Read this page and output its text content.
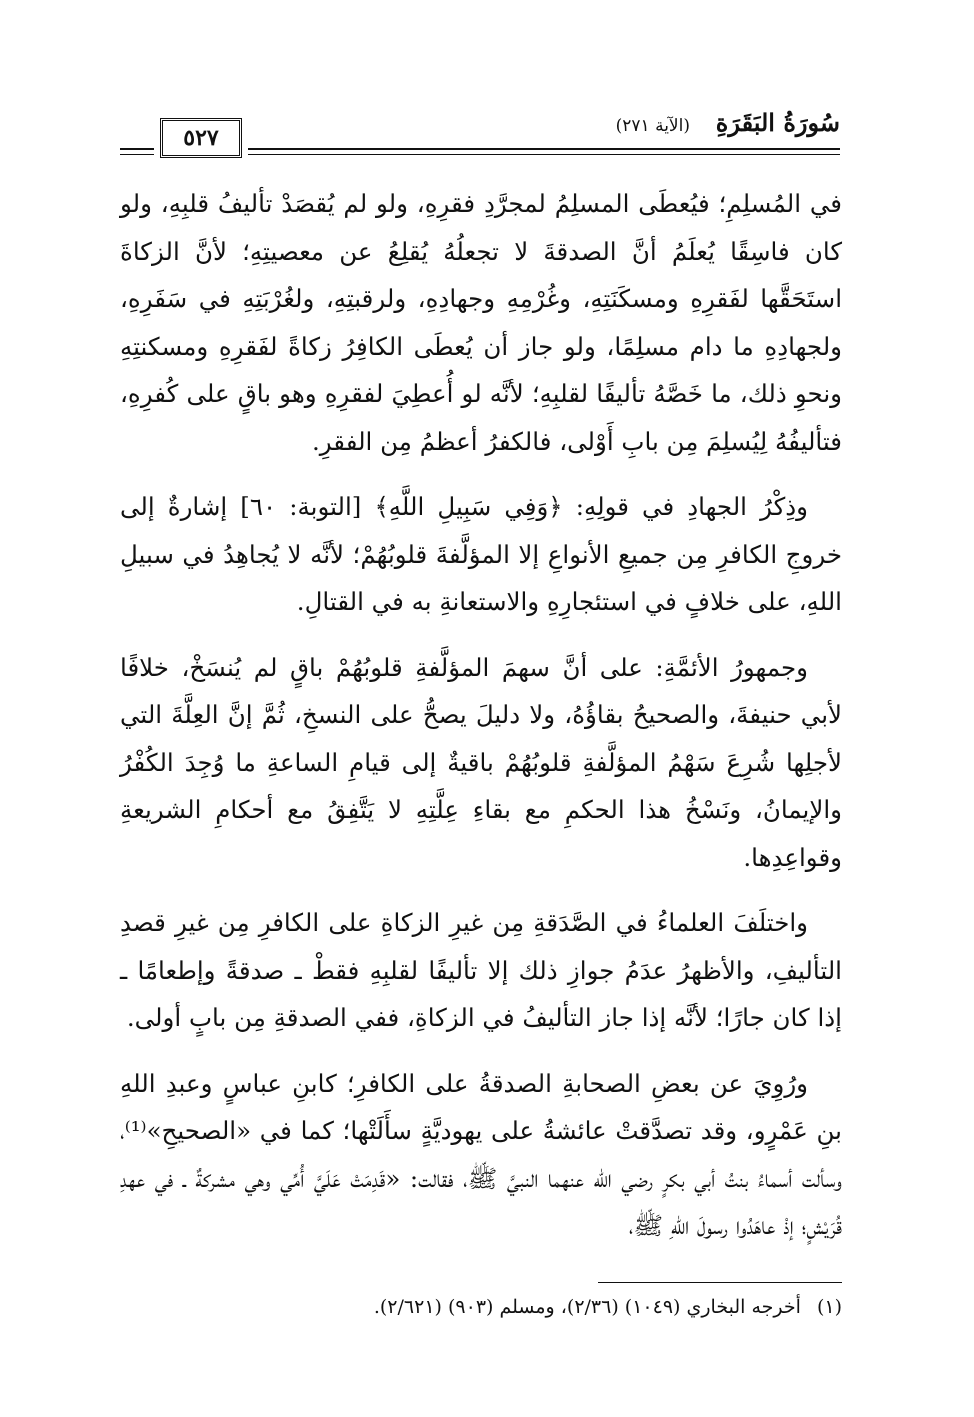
سُورَةُ البَقَرَةِ
(الآية ٢٧١)
٥٢٧

في المُسلِمِ؛ فيُعطَى المسلِمُ لمجرَّدِ فقرِهِ، ولو لم يُقصَدْ تأليفُ قلبِهِ، ولو كان فاسِقًا يُعلَمُ أنَّ الصدقةَ لا تجعلُهُ يُقلِعُ عن معصيتِهِ؛ لأنَّ الزكاةَ استَحَقَّها لفَقرِهِ ومسكَنَتِهِ، وغُرْمِهِ وجهادِهِ، ولرقبتِهِ، ولغُرْبَتِهِ في سَفَرِهِ، ولجهادِهِ ما دام مسلِمًا، ولو جاز أن يُعطَى الكافِرُ زكاةً لفَقرِهِ ومسكنتِهِ ونحوِ ذلك، ما خَصَّهُ تأليفًا لقلبِهِ؛ لأنَّه لو أُعطِيَ لفقرِهِ وهو باقٍ على كُفرِهِ، فتأليفُهُ لِيُسلِمَ مِن بابِ أَوْلى، فالكفرُ أعظمُ مِن الفقرِ.

وذِكْرُ الجهادِ في قولِهِ: ﴿وَفِي سَبِيلِ اللَّهِ﴾ [التوبة: ٦٠] إشارةٌ إلى خروجِ الكافرِ مِن جميعِ الأنواعِ إلا المؤلَّفةَ قلوبُهُمْ؛ لأنَّه لا يُجاهِدُ في سبيلِ اللهِ، على خلافٍ في استئجارِهِ والاستعانةِ به في القتالِ.

وجمهورُ الأئمَّةِ: على أنَّ سهمَ المؤلَّفةِ قلوبُهُمْ باقٍ لم يُنسَخْ، خلافًا لأبي حنيفةَ، والصحيحُ بقاؤُهُ، ولا دليلَ يصحُّ على النسخِ، ثُمَّ إنَّ العِلَّةَ التي لأجلِها شُرِعَ سَهْمُ المؤلَّفةِ قلوبُهُمْ باقيةٌ إلى قيامِ الساعةِ ما وُجِدَ الكُفْرُ والإيمانُ، ونَسْخُ هذا الحكمِ مع بقاءِ عِلَّتِهِ لا يَتَّفِقُ مع أحكامِ الشريعةِ وقواعِدِها.

واختلَفَ العلماءُ في الصَّدَقةِ مِن غيرِ الزكاةِ على الكافرِ مِن غيرِ قصدِ التأليفِ، والأظهرُ عدَمُ جوازِ ذلك إلا تأليفًا لقلبِهِ فقطْ ـ صدقةً وإطعامًا ـ إذا كان جارًا؛ لأنَّه إذا جاز التأليفُ في الزكاةِ، ففي الصدقةِ مِن بابٍ أولى.

ورُوِيَ عن بعضِ الصحابةِ الصدقةُ على الكافرِ؛ كابنِ عباسٍ وعبدِ اللهِ بنِ عَمْرٍو، وقد تصدَّقتْ عائشةُ على يهوديَّةٍ سأَلَتْها؛ كما في «الصحيحِ»⁽¹⁾، وسألت أسماءُ بنتُ أبي بكرٍ رضي الله عنهما النبيَّ ﷺ، فقالت: «قَدِمَتْ عَلَيَّ أُمِّي وهي مشركةٌ ـ في عهدِ قُرَيْشٍ؛ إذْ عاهَدُوا رسولَ اللهِ ﷺ،

(١) أخرجه البخاري (١٠٤٩) (٢/٣٦)، ومسلم (٩٠٣) (٢/٦٢١).
